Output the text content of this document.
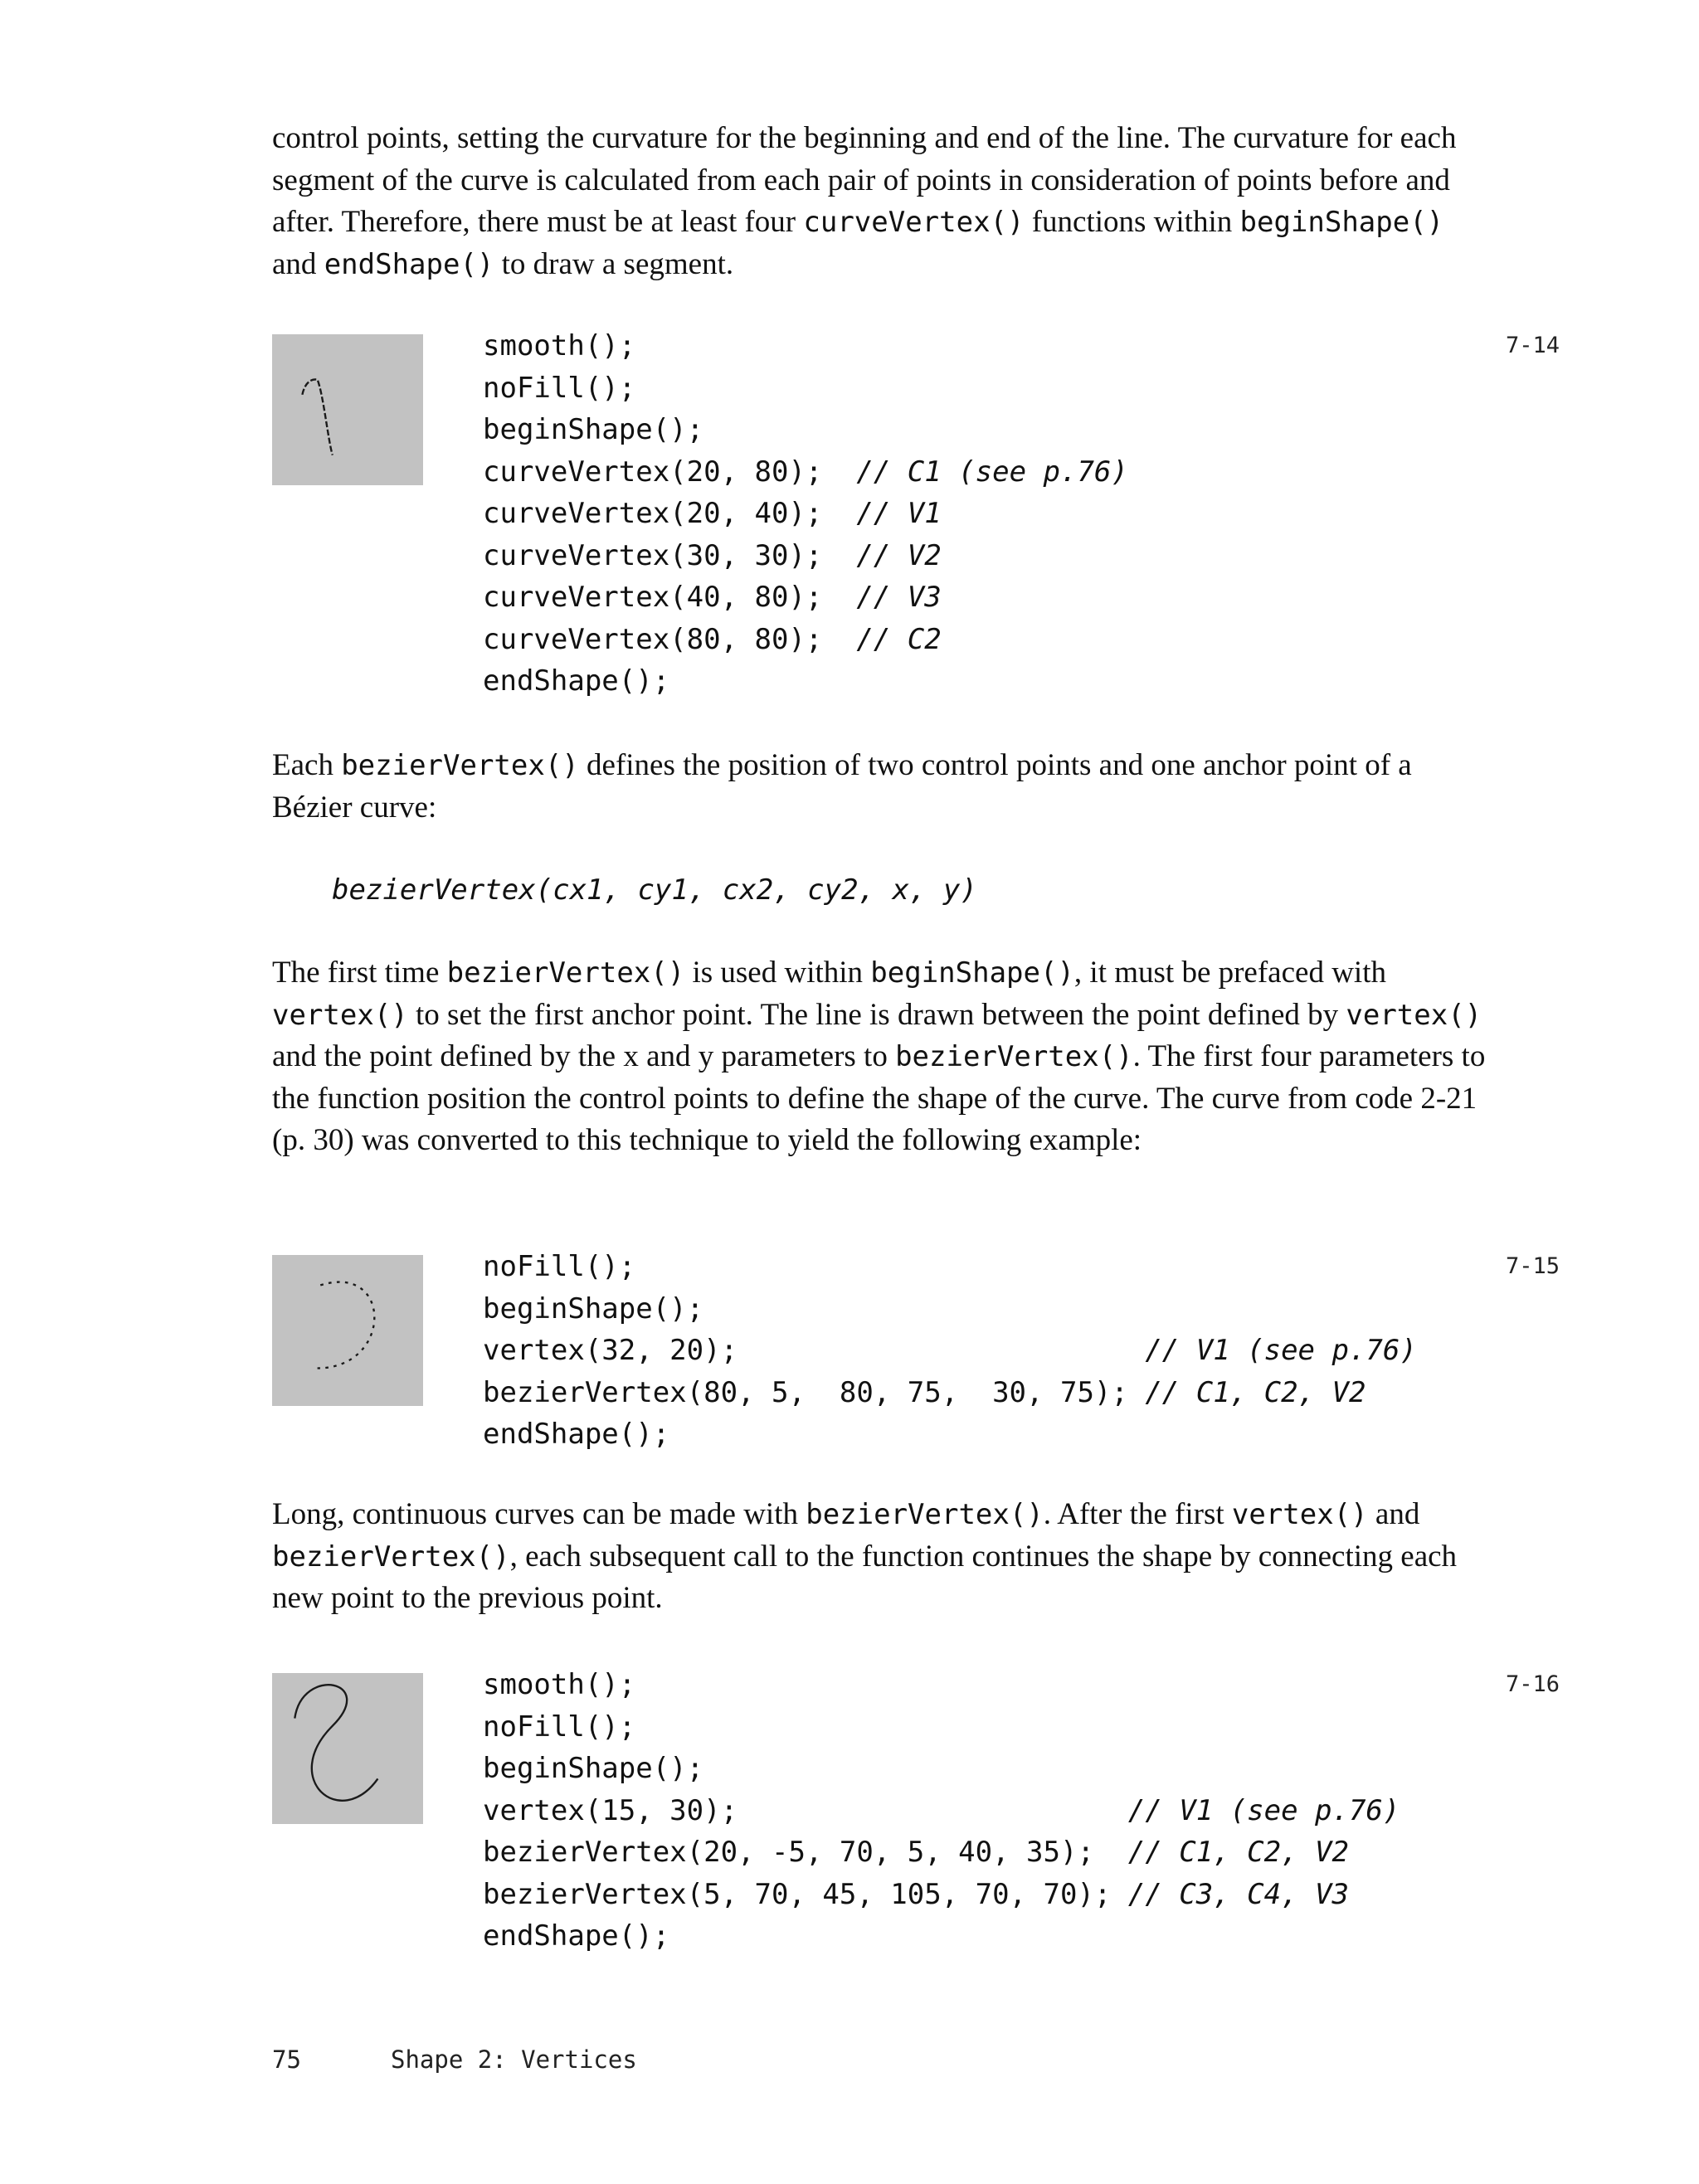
control points, setting the curvature for the beginning and end of the line. The curvature for each segment of the curve is calculated from each pair of points in consideration of points before and after. Therefore, there must be at least four curveVertex() functions within beginShape() and endShape() to draw a segment.

7-14
smooth();
noFill();
beginShape();
curveVertex(20, 80);  // C1 (see p.76)
curveVertex(20, 40);  // V1
curveVertex(30, 30);  // V2
curveVertex(40, 80);  // V3
curveVertex(80, 80);  // C2
endShape();

Each bezierVertex() defines the position of two control points and one anchor point of a Bézier curve:

bezierVertex(cx1, cy1, cx2, cy2, x, y)

The first time bezierVertex() is used within beginShape(), it must be prefaced with vertex() to set the first anchor point. The line is drawn between the point defined by vertex() and the point defined by the x and y parameters to bezierVertex(). The first four parameters to the function position the control points to define the shape of the curve. The curve from code 2-21 (p. 30) was converted to this technique to yield the following example:

7-15
noFill();
beginShape();
vertex(32, 20);                        // V1 (see p.76)
bezierVertex(80, 5,  80, 75,  30, 75); // C1, C2, V2
endShape();

Long, continuous curves can be made with bezierVertex(). After the first vertex() and bezierVertex(), each subsequent call to the function continues the shape by connecting each new point to the previous point.

7-16
smooth();
noFill();
beginShape();
vertex(15, 30);                       // V1 (see p.76)
bezierVertex(20, -5, 70, 5, 40, 35);  // C1, C2, V2
bezierVertex(5, 70, 45, 105, 70, 70); // C3, C4, V3
endShape();
75	Shape 2: Vertices
